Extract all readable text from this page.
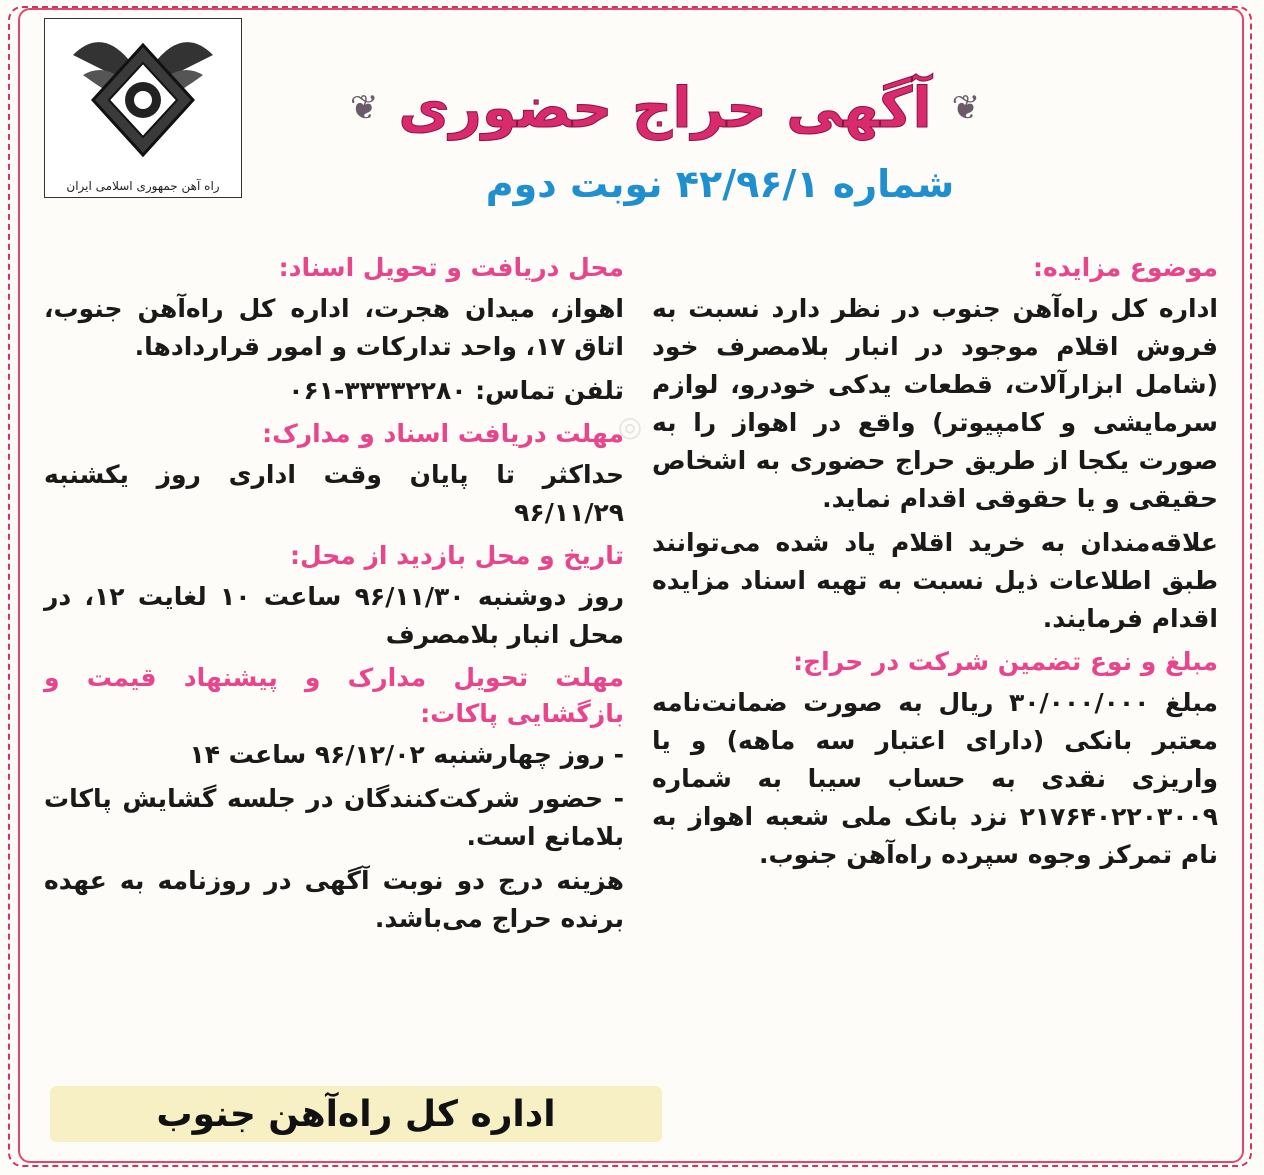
راه آهن جمهوری اسلامی ایران
❦ آگهی حراج حضوری ❦
شماره ۴۲/۹۶/۱ نوبت دوم
موضوع مزایده:

اداره کل راه‌آهن جنوب در نظر دارد نسبت به فروش اقلام موجود در انبار بلامصرف خود (شامل ابزارآلات، قطعات یدکی خودرو، لوازم سرمایشی و کامپیوتر) واقع در اهواز را به صورت یکجا از طریق حراج حضوری به اشخاص حقیقی و یا حقوقی اقدام نماید.

علاقه‌مندان به خرید اقلام یاد شده می‌توانند طبق اطلاعات ذیل نسبت به تهیه اسناد مزایده اقدام فرمایند.

مبلغ و نوع تضمین شرکت در حراج:

مبلغ ۳۰/۰۰۰/۰۰۰ ریال به صورت ضمانت‌نامه معتبر بانکی (دارای اعتبار سه ماهه) و یا واریزی نقدی به حساب سیبا به شماره ۲۱۷۶۴۰۲۲۰۳۰۰۹ نزد بانک ملی شعبه اهواز به نام تمرکز وجوه سپرده راه‌آهن جنوب.

محل دریافت و تحویل اسناد:

اهواز، میدان هجرت، اداره کل راه‌آهن جنوب، اتاق ۱۷، واحد تدارکات و امور قراردادها.

تلفن تماس: ۳۳۳۳۲۲۸۰-۰۶۱

مهلت دریافت اسناد و مدارک:

حداکثر تا پایان وقت اداری روز یکشنبه ۹۶/۱۱/۲۹

تاریخ و محل بازدید از محل:

روز دوشنبه ۹۶/۱۱/۳۰ ساعت ۱۰ لغایت ۱۲، در محل انبار بلامصرف

مهلت تحویل مدارک و پیشنهاد قیمت و بازگشایی پاکات:

- روز چهارشنبه ۹۶/۱۲/۰۲ ساعت ۱۴

- حضور شرکت‌کنندگان در جلسه گشایش پاکات بلامانع است.

هزینه درج دو نوبت آگهی در روزنامه به عهده برنده حراج می‌باشد.

اداره کل راه‌آهن جنوب
